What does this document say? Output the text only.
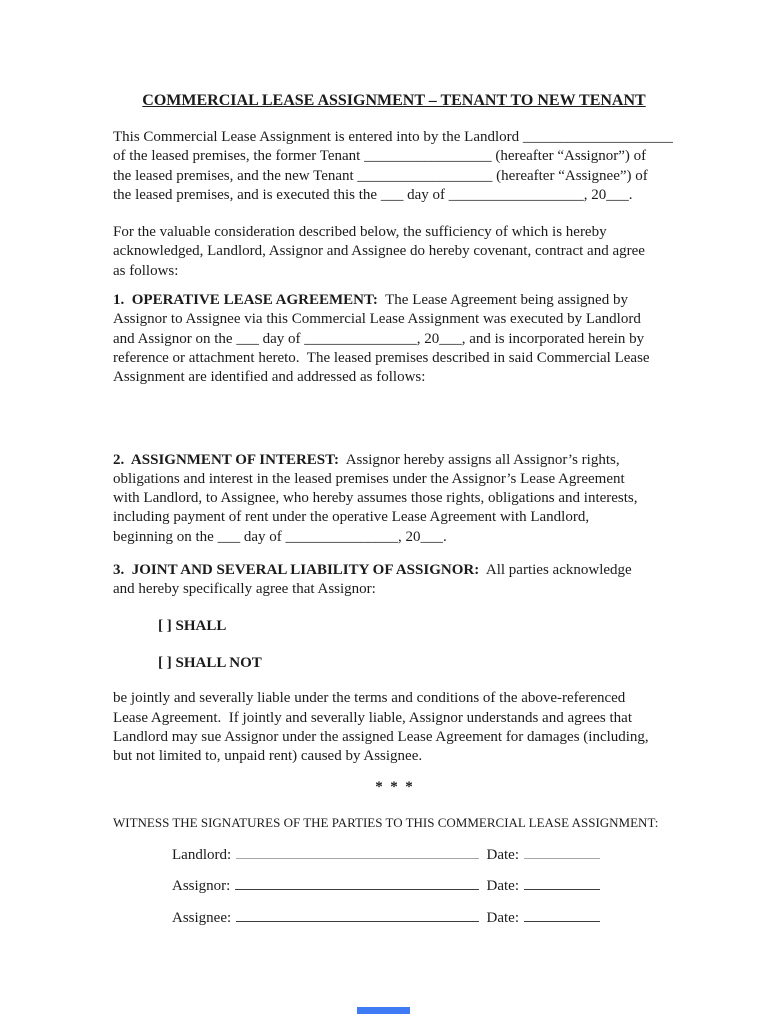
COMMERCIAL LEASE ASSIGNMENT – TENANT TO NEW TENANT
This Commercial Lease Assignment is entered into by the Landlord ____________________
of the leased premises, the former Tenant _________________ (hereafter “Assignor”) of
the leased premises, and the new Tenant __________________ (hereafter “Assignee”) of
the leased premises, and is executed this the ___ day of __________________, 20___.
For the valuable consideration described below, the sufficiency of which is hereby
acknowledged, Landlord, Assignor and Assignee do hereby covenant, contract and agree
as follows:
1.  OPERATIVE LEASE AGREEMENT:  The Lease Agreement being assigned by
Assignor to Assignee via this Commercial Lease Assignment was executed by Landlord
and Assignor on the ___ day of _______________, 20___, and is incorporated herein by
reference or attachment hereto.  The leased premises described in said Commercial Lease
Assignment are identified and addressed as follows:
2.  ASSIGNMENT OF INTEREST:  Assignor hereby assigns all Assignor’s rights,
obligations and interest in the leased premises under the Assignor’s Lease Agreement
with Landlord, to Assignee, who hereby assumes those rights, obligations and interests,
including payment of rent under the operative Lease Agreement with Landlord,
beginning on the ___ day of _______________, 20___.
3.  JOINT AND SEVERAL LIABILITY OF ASSIGNOR:  All parties acknowledge
and hereby specifically agree that Assignor:
[ ] SHALL
[ ] SHALL NOT
be jointly and severally liable under the terms and conditions of the above-referenced
Lease Agreement.  If jointly and severally liable, Assignor understands and agrees that
Landlord may sue Assignor under the assigned Lease Agreement for damages (including,
but not limited to, unpaid rent) caused by Assignee.
*  *  *
WITNESS THE SIGNATURES OF THE PARTIES TO THIS COMMERCIAL LEASE ASSIGNMENT:
Landlord:	Date:
Assignor:	Date:
Assignee:	Date:
